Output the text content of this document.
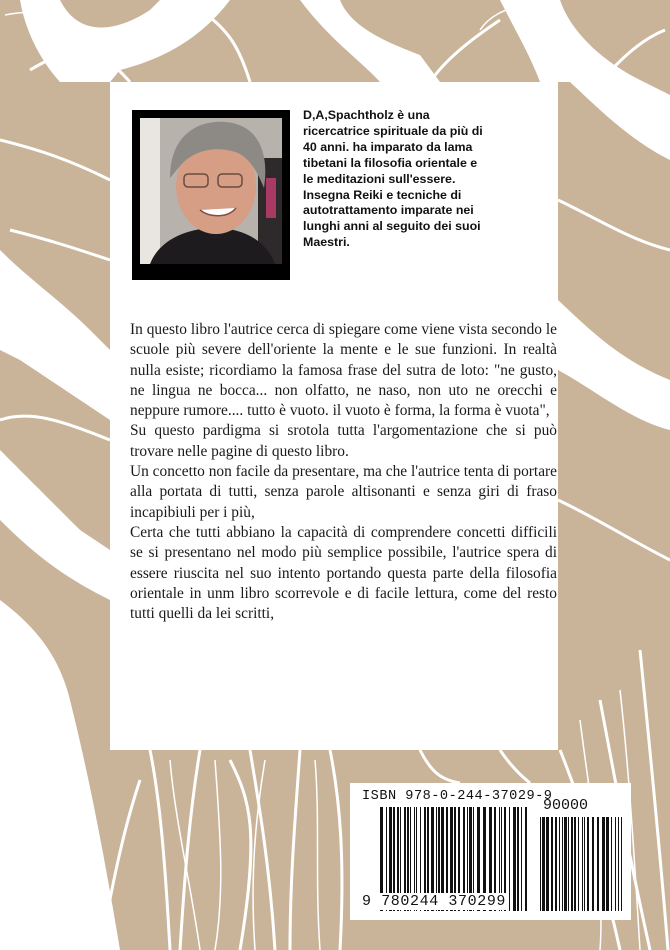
D,A,Spachtholz è una
ricercatrice spirituale da più di
40 anni. ha imparato da lama
tibetani la filosofia orientale e
le meditazioni sull'essere.
Insegna Reiki e tecniche di
autotrattamento imparate nei
lunghi anni al seguito dei suoi
Maestri.

In questo libro l'autrice cerca di spiegare come viene vista secondo le scuole più severe dell'oriente la mente e le sue funzioni. In realtà nulla esiste; ricordiamo la famosa frase del sutra de loto: "ne gusto, ne lingua ne bocca... non olfatto, ne naso, non uto ne orecchi e neppure rumore.... tutto è vuoto. il vuoto è forma, la forma è vuota",

Su questo pardigma si srotola tutta l'argomentazione che si può trovare nelle pagine di questo libro.

Un concetto non facile da presentare, ma che l'autrice tenta di portare alla portata di tutti, senza parole altisonanti e senza giri di fraso incapibiuli per i più,

Certa che tutti abbiano la capacità di comprendere concetti difficili se si presentano nel modo più semplice possibile, l'autrice spera di essere riuscita nel suo intento portando questa parte della filosofia orientale in unm libro scorrevole e di facile lettura, come del resto tutti quelli da lei scritti,

ISBN 978-0-244-37029-9
90000
9 780244 370299
